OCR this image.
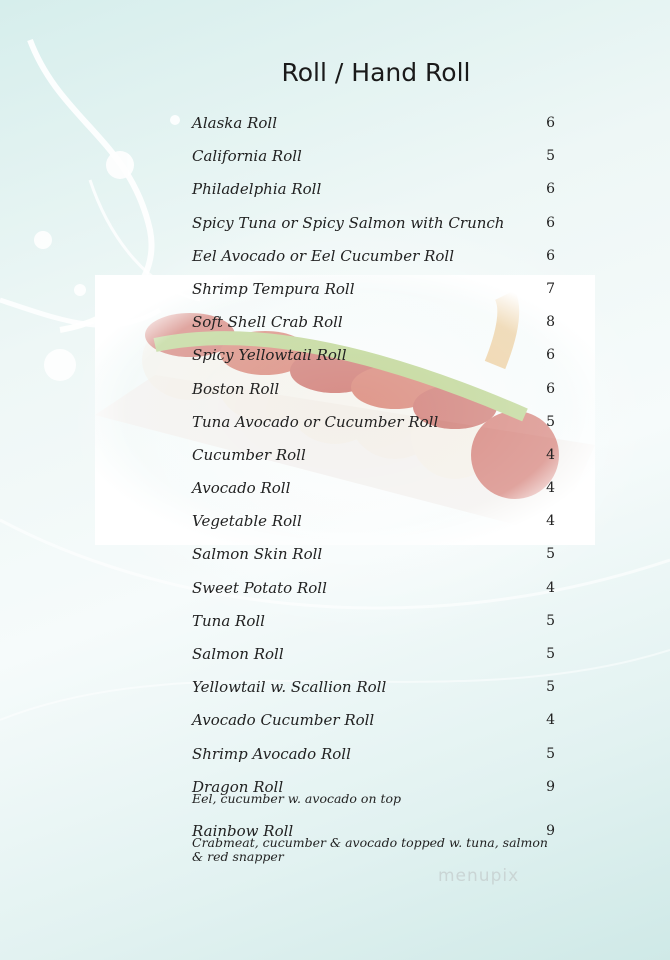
Roll / Hand Roll
Alaska Roll	6
California Roll	5
Philadelphia Roll	6
Spicy Tuna or Spicy Salmon with Crunch	6
Eel Avocado or Eel Cucumber Roll	6
Shrimp Tempura Roll	7
Soft Shell Crab Roll	8
Spicy Yellowtail Roll	6
Boston Roll	6
Tuna Avocado or Cucumber Roll	5
Cucumber Roll	4
Avocado Roll	4
Vegetable Roll	4
Salmon Skin Roll	5
Sweet Potato Roll	4
Tuna Roll	5
Salmon Roll	5
Yellowtail w. Scallion Roll	5
Avocado Cucumber Roll	4
Shrimp Avocado Roll	5
Dragon Roll	9
Eel, cucumber w. avocado on top
Rainbow Roll	9
Crabmeat, cucumber & avocado topped w. tuna, salmon & red snapper
menupix
